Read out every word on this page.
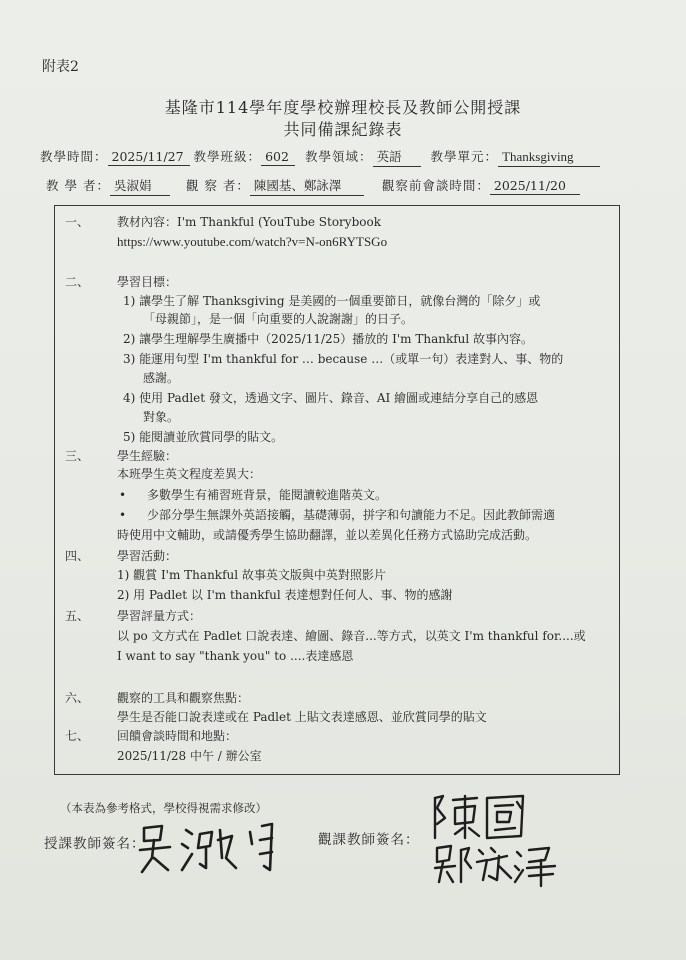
附表2
基隆市114學年度學校辦理校長及教師公開授課
共同備課紀錄表
教學時間： 2025/11/27 教學班級： 602 教學領域： 英語 教學單元： Thanksgiving
教 學 者： 吳淑娟	觀 察 者： 陳國基、鄭詠澤	觀察前會談時間： 2025/11/20
一、 教材內容：I'm Thankful (YouTube Storybook
https://www.youtube.com/watch?v=N-on6RYTSGo
二、 學習目標：
1) 讓學生了解 Thanksgiving 是美國的一個重要節日，就像台灣的「除夕」或
「母親節」，是一個「向重要的人說謝謝」的日子。
2) 讓學生理解學生廣播中（2025/11/25）播放的 I'm Thankful 故事內容。
3) 能運用句型 I'm thankful for … because …（或單一句）表達對人、事、物的
感謝。
4) 使用 Padlet 發文，透過文字、圖片、錄音、AI 繪圖或連結分享自己的感恩
對象。
5) 能閱讀並欣賞同學的貼文。
三、 學生經驗：
本班學生英文程度差異大：
• 多數學生有補習班背景，能閱讀較進階英文。
• 少部分學生無課外英語接觸，基礎薄弱，拼字和句讀能力不足。因此教師需適
時使用中文輔助，或請優秀學生協助翻譯，並以差異化任務方式協助完成活動。
四、 學習活動：
1) 觀賞 I'm Thankful 故事英文版與中英對照影片
2) 用 Padlet 以 I'm thankful 表達想對任何人、事、物的感謝
五、 學習評量方式：
以 po 文方式在 Padlet 口說表達、繪圖、錄音...等方式，以英文 I'm thankful for....或
I want to say "thank you" to ....表達感恩
六、 觀察的工具和觀察焦點：
學生是否能口說表達或在 Padlet 上貼文表達感恩、並欣賞同學的貼文
七、 回饋會談時間和地點：
2025/11/28 中午 / 辦公室
（本表為參考格式，學校得視需求修改）
授課教師簽名：	觀課教師簽名：
